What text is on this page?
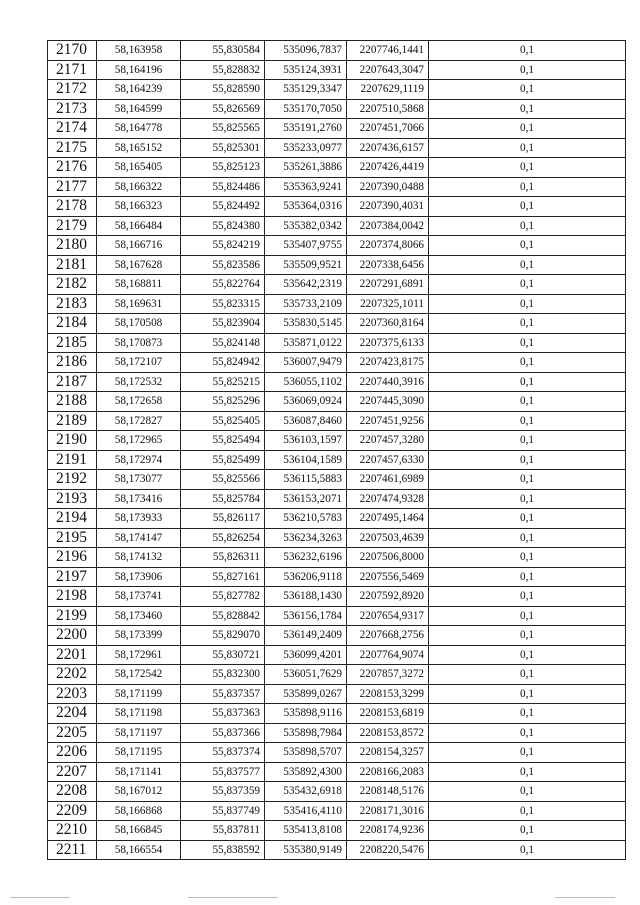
2170	58,163958	55,830584	535096,7837	2207746,1441	0,1
2171	58,164196	55,828832	535124,3931	2207643,3047	0,1
2172	58,164239	55,828590	535129,3347	2207629,1119	0,1
2173	58,164599	55,826569	535170,7050	2207510,5868	0,1
2174	58,164778	55,825565	535191,2760	2207451,7066	0,1
2175	58,165152	55,825301	535233,0977	2207436,6157	0,1
2176	58,165405	55,825123	535261,3886	2207426,4419	0,1
2177	58,166322	55,824486	535363,9241	2207390,0488	0,1
2178	58,166323	55,824492	535364,0316	2207390,4031	0,1
2179	58,166484	55,824380	535382,0342	2207384,0042	0,1
2180	58,166716	55,824219	535407,9755	2207374,8066	0,1
2181	58,167628	55,823586	535509,9521	2207338,6456	0,1
2182	58,168811	55,822764	535642,2319	2207291,6891	0,1
2183	58,169631	55,823315	535733,2109	2207325,1011	0,1
2184	58,170508	55,823904	535830,5145	2207360,8164	0,1
2185	58,170873	55,824148	535871,0122	2207375,6133	0,1
2186	58,172107	55,824942	536007,9479	2207423,8175	0,1
2187	58,172532	55,825215	536055,1102	2207440,3916	0,1
2188	58,172658	55,825296	536069,0924	2207445,3090	0,1
2189	58,172827	55,825405	536087,8460	2207451,9256	0,1
2190	58,172965	55,825494	536103,1597	2207457,3280	0,1
2191	58,172974	55,825499	536104,1589	2207457,6330	0,1
2192	58,173077	55,825566	536115,5883	2207461,6989	0,1
2193	58,173416	55,825784	536153,2071	2207474,9328	0,1
2194	58,173933	55,826117	536210,5783	2207495,1464	0,1
2195	58,174147	55,826254	536234,3263	2207503,4639	0,1
2196	58,174132	55,826311	536232,6196	2207506,8000	0,1
2197	58,173906	55,827161	536206,9118	2207556,5469	0,1
2198	58,173741	55,827782	536188,1430	2207592,8920	0,1
2199	58,173460	55,828842	536156,1784	2207654,9317	0,1
2200	58,173399	55,829070	536149,2409	2207668,2756	0,1
2201	58,172961	55,830721	536099,4201	2207764,9074	0,1
2202	58,172542	55,832300	536051,7629	2207857,3272	0,1
2203	58,171199	55,837357	535899,0267	2208153,3299	0,1
2204	58,171198	55,837363	535898,9116	2208153,6819	0,1
2205	58,171197	55,837366	535898,7984	2208153,8572	0,1
2206	58,171195	55,837374	535898,5707	2208154,3257	0,1
2207	58,171141	55,837577	535892,4300	2208166,2083	0,1
2208	58,167012	55,837359	535432,6918	2208148,5176	0,1
2209	58,166868	55,837749	535416,4110	2208171,3016	0,1
2210	58,166845	55,837811	535413,8108	2208174,9236	0,1
2211	58,166554	55,838592	535380,9149	2208220,5476	0,1
